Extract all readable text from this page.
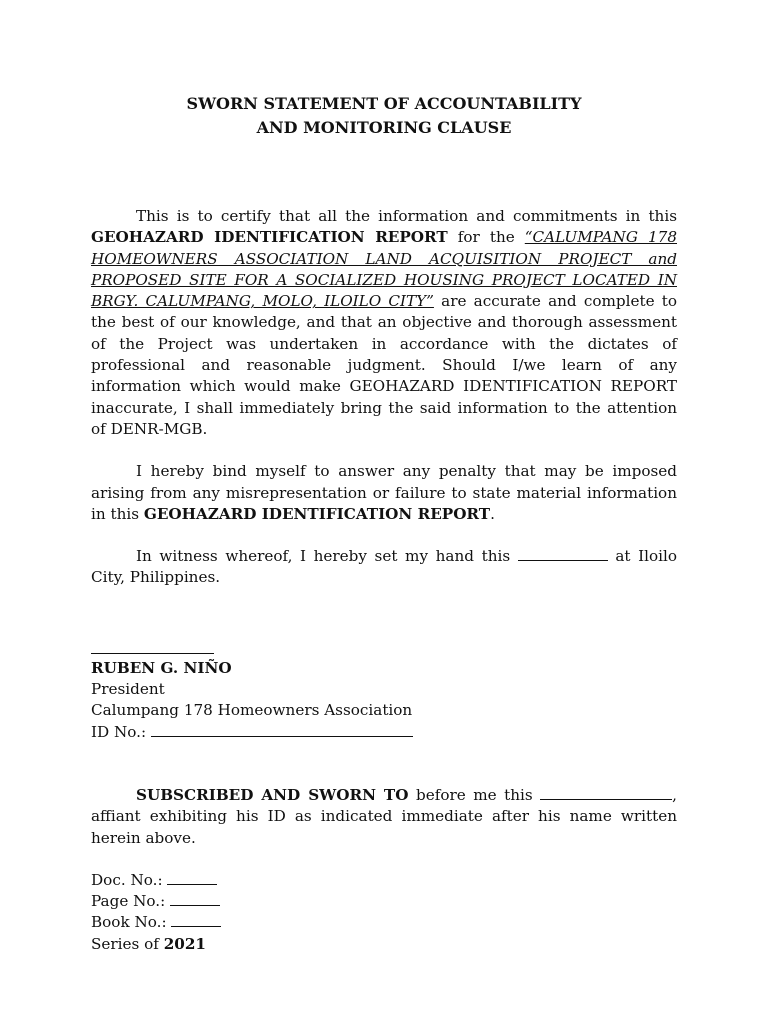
SWORN STATEMENT OF ACCOUNTABILITY
AND MONITORING CLAUSE

This is to certify that all the information and commitments in this GEOHAZARD IDENTIFICATION REPORT for the “CALUMPANG 178 HOMEOWNERS ASSOCIATION LAND ACQUISITION PROJECT and PROPOSED SITE FOR A SOCIALIZED HOUSING PROJECT LOCATED IN BRGY. CALUMPANG, MOLO, ILOILO CITY” are accurate and complete to the best of our knowledge, and that an objective and thorough assessment of the Project was undertaken in accordance with the dictates of professional and reasonable judgment. Should I/we learn of any information which would make GEOHAZARD IDENTIFICATION REPORT inaccurate, I shall immediately bring the said information to the attention of DENR-MGB.

I hereby bind myself to answer any penalty that may be imposed arising from any misrepresentation or failure to state material information in this GEOHAZARD IDENTIFICATION REPORT.

In witness whereof, I hereby set my hand this	at Iloilo City, Philippines.

RUBEN G. NIÑO

President

Calumpang 178 Homeowners Association

ID No.:

SUBSCRIBED AND SWORN TO before me this	, affiant exhibiting his ID as indicated immediate after his name written herein above.

Doc. No.:

Page No.:

Book No.:

Series of 2021
